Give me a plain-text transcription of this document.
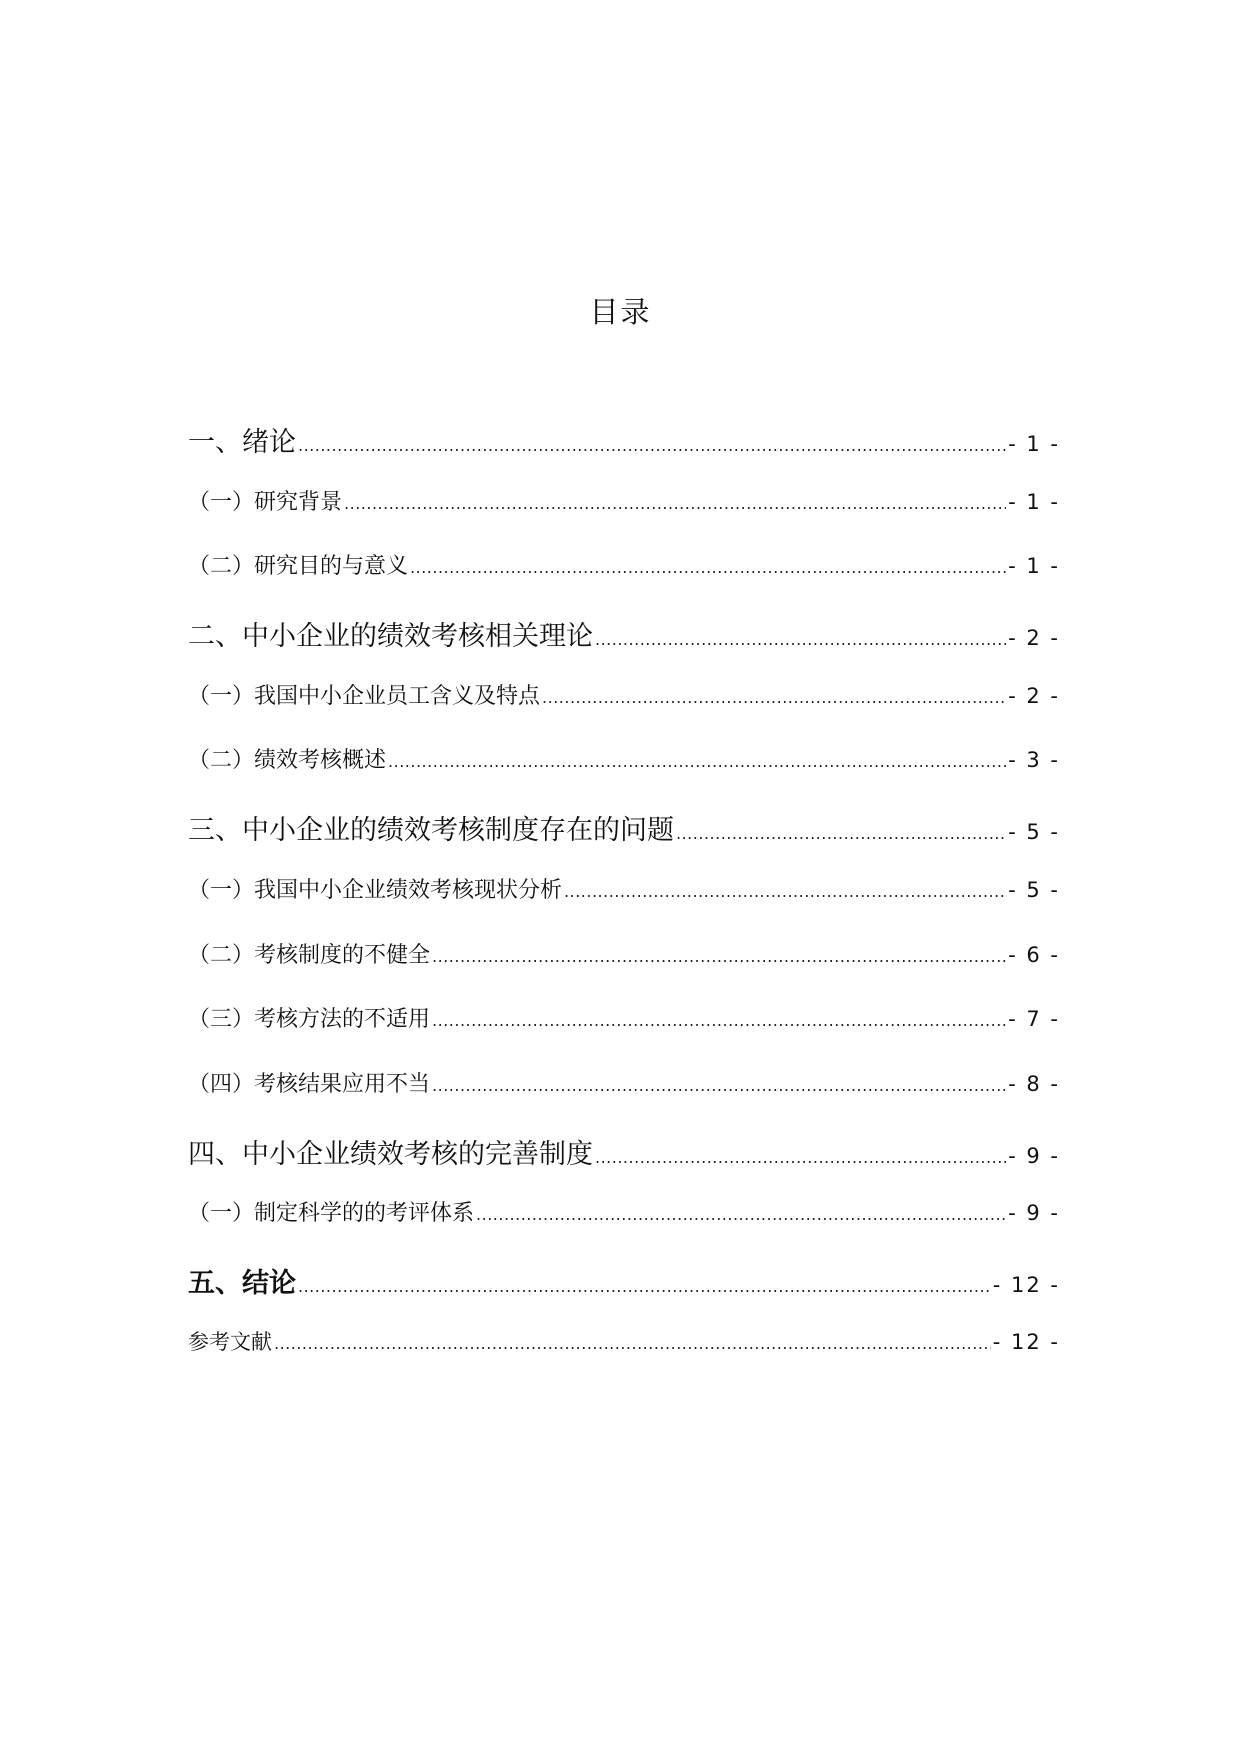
目录
一、绪论 .....	- 1 -
（一）研究背景 .....	- 1 -
（二）研究目的与意义 .....	- 1 -
二、中小企业的绩效考核相关理论 .....	- 2 -
（一）我国中小企业员工含义及特点 .....	- 2 -
（二）绩效考核概述 .....	- 3 -
三、中小企业的绩效考核制度存在的问题 .....	- 5 -
（一）我国中小企业绩效考核现状分析 .....	- 5 -
（二）考核制度的不健全 .....	- 6 -
（三）考核方法的不适用 .....	- 7 -
（四）考核结果应用不当 .....	- 8 -
四、中小企业绩效考核的完善制度 .....	- 9 -
（一）制定科学的的考评体系 .....	- 9 -
五、结论 .....	- 12 -
参考文献 .....	- 12 -
